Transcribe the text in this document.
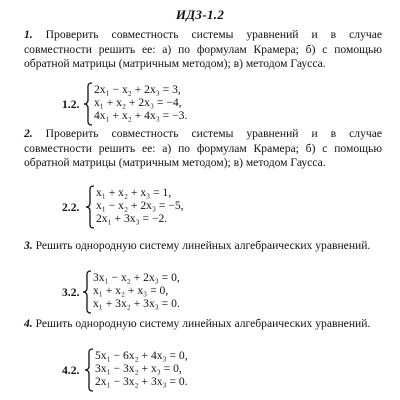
ИДЗ-1.2

1. Проверить совместность системы уравнений и в случае совместности решить ее: а) по формулам Крамера; б) с помощью обратной матрицы (матричным методом); в) методом Гаусса.

1.2.
2x₁ − x₂ + 2x₃ = 3,
x₁ + x₂ + 2x₃ = −4,
4x₁ + x₂ + 4x₃ = −3.

2. Проверить совместность системы уравнений и в случае совместности решить ее: а) по формулам Крамера; б) с помощью обратной матрицы (матричным методом); в) методом Гаусса.

2.2.
x₁ + x₂ + x₃ = 1,
x₁ − x₂ + 2x₃ = −5,
2x₁ + 3x₃ = −2.

3. Решить однородную систему линейных алгебраических уравнений.

3.2.
3x₁ − x₂ + 2x₃ = 0,
x₁ + x₂ + x₃ = 0,
x₁ + 3x₂ + 3x₃ = 0.

4. Решить однородную систему линейных алгебраических уравнений.

4.2.
5x₁ − 6x₂ + 4x₃ = 0,
3x₁ − 3x₂ + x₃ = 0,
2x₁ − 3x₂ + 3x₃ = 0.
